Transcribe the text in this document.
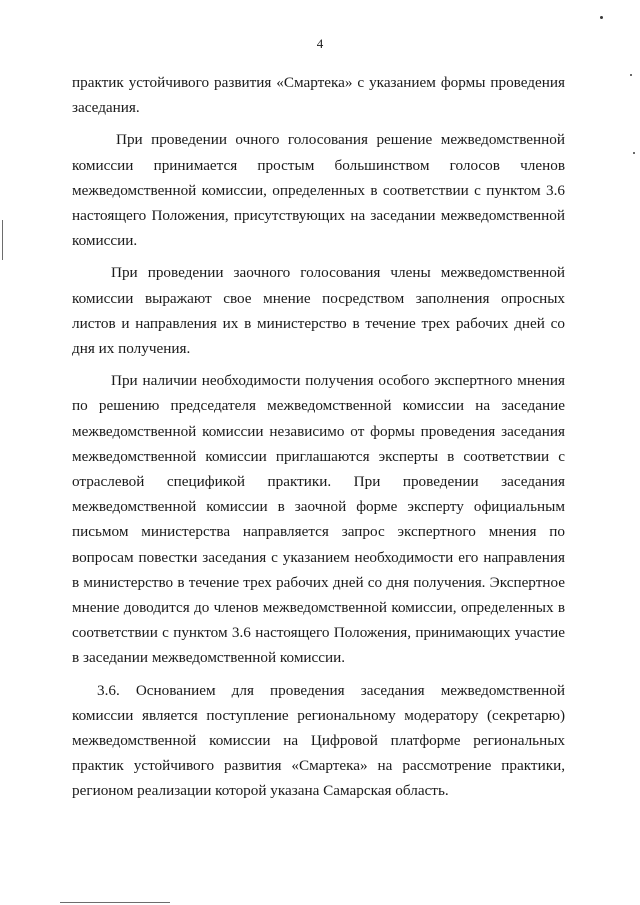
4

практик устойчивого развития «Смартека» с указанием формы проведения заседания.

При проведении очного голосования решение межведомственной комиссии принимается простым большинством голосов членов межведомственной комиссии, определенных в соответствии с пунктом 3.6 настоящего Положения, присутствующих на заседании межведомственной комиссии.

При проведении заочного голосования члены межведомственной комиссии выражают свое мнение посредством заполнения опросных листов и направления их в министерство в течение трех рабочих дней со дня их получения.

При наличии необходимости получения особого экспертного мнения по решению председателя межведомственной комиссии на заседание межведомственной комиссии независимо от формы проведения заседания межведомственной комиссии приглашаются эксперты в соответствии с отраслевой спецификой практики. При проведении заседания межведомственной комиссии в заочной форме эксперту официальным письмом министерства направляется запрос экспертного мнения по вопросам повестки заседания с указанием необходимости его направления в министерство в течение трех рабочих дней со дня получения. Экспертное мнение доводится до членов межведомственной комиссии, определенных в соответствии с пунктом 3.6 настоящего Положения, принимающих участие в заседании межведомственной комиссии.

3.6. Основанием для проведения заседания межведомственной комиссии является поступление региональному модератору (секретарю) межведомственной комиссии на Цифровой платформе региональных практик устойчивого развития «Смартека» на рассмотрение практики, регионом реализации которой указана Самарская область.
